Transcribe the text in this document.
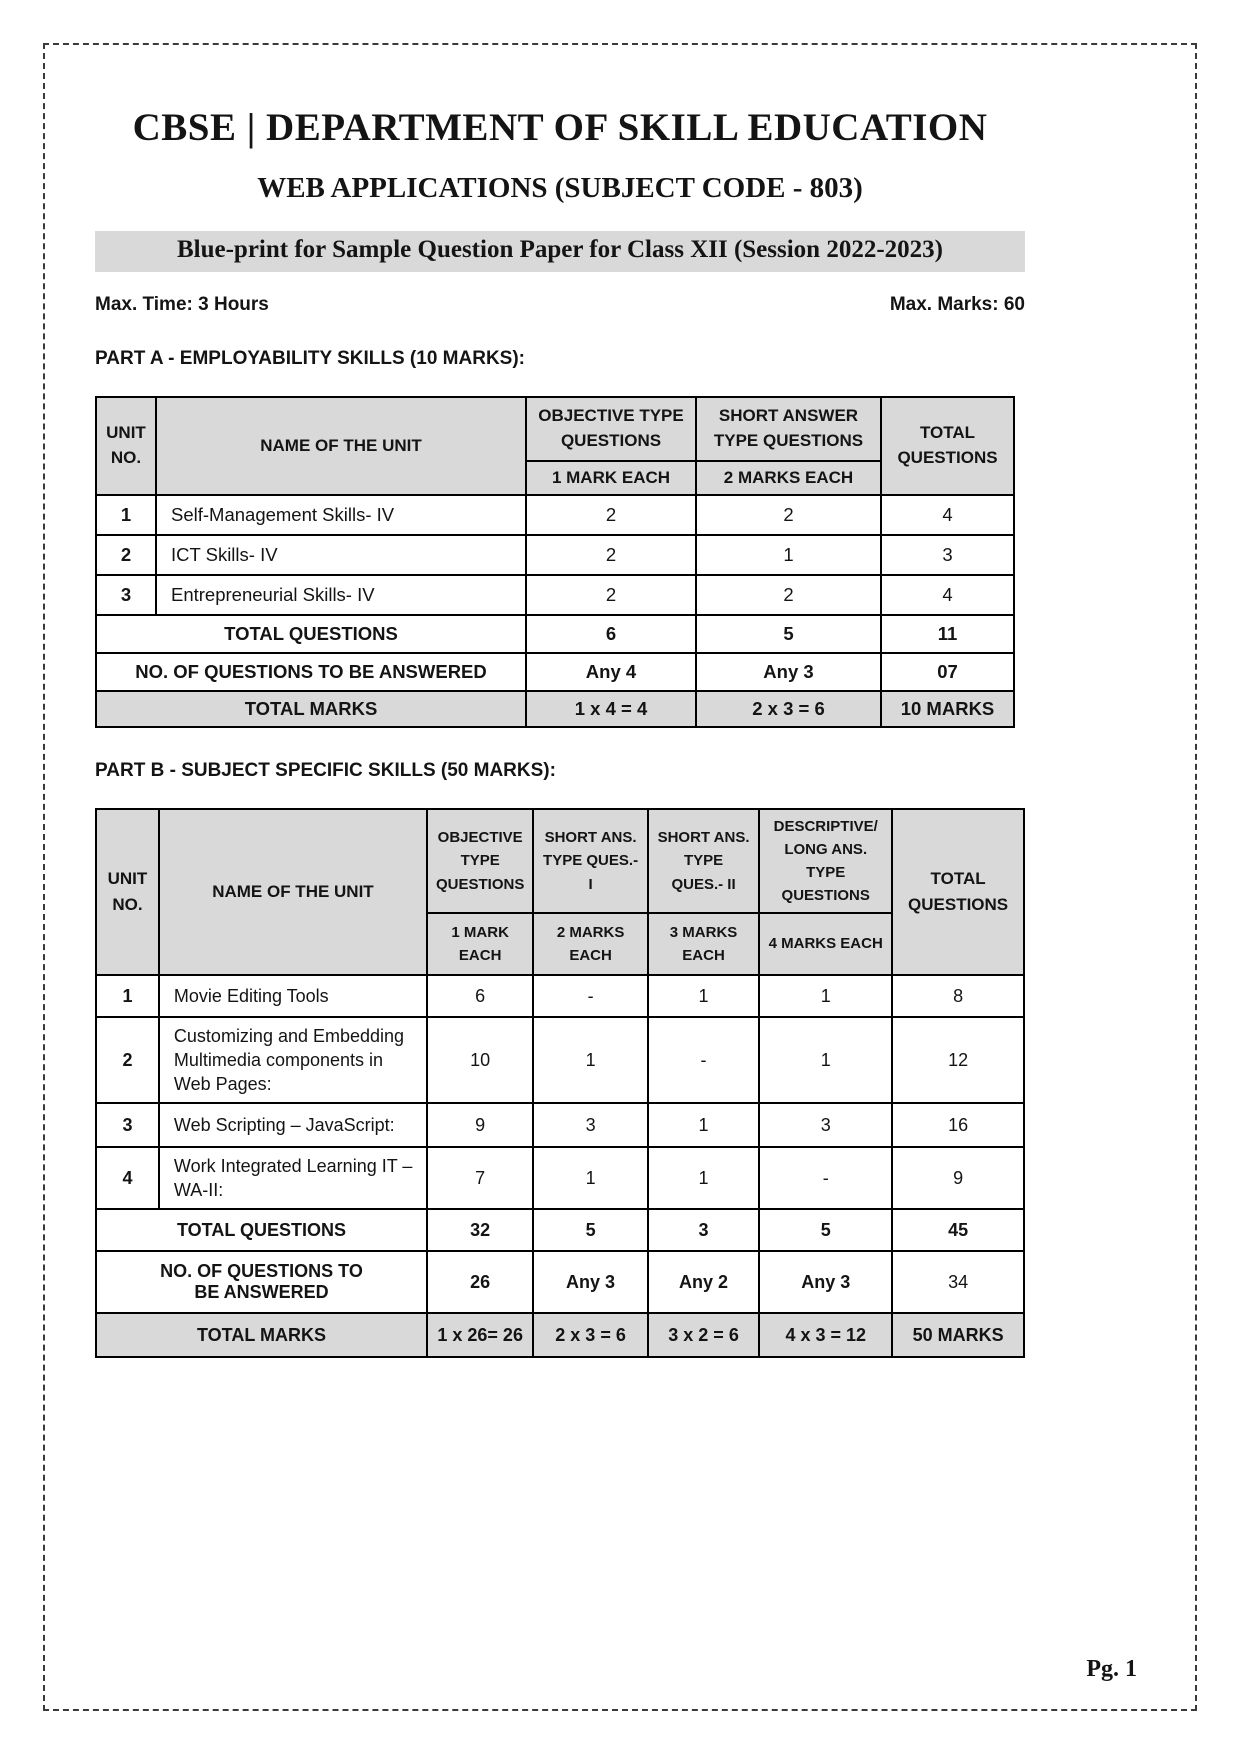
CBSE | DEPARTMENT OF SKILL EDUCATION
WEB APPLICATIONS (SUBJECT CODE - 803)
Blue-print for Sample Question Paper for Class XII (Session 2022-2023)
Max. Time: 3 Hours	Max. Marks: 60
PART A - EMPLOYABILITY SKILLS (10 MARKS):
UNIT NO.	NAME OF THE UNIT	OBJECTIVE TYPE QUESTIONS	SHORT ANSWER TYPE QUESTIONS	TOTAL QUESTIONS
		1 MARK EACH	2 MARKS EACH	
1	Self-Management Skills- IV	2	2	4
2	ICT Skills- IV	2	1	3
3	Entrepreneurial Skills- IV	2	2	4
TOTAL QUESTIONS		6	5	11
NO. OF QUESTIONS TO BE ANSWERED		Any 4	Any 3	07
TOTAL MARKS		1 x 4 = 4	2 x 3 = 6	10 MARKS
PART B - SUBJECT SPECIFIC SKILLS (50 MARKS):
UNIT NO.	NAME OF THE UNIT	OBJECTIVE TYPE QUESTIONS	SHORT ANS. TYPE QUES.- I	SHORT ANS. TYPE QUES.- II	DESCRIPTIVE/ LONG ANS. TYPE QUESTIONS	TOTAL QUESTIONS
		1 MARK EACH	2 MARKS EACH	3 MARKS EACH	4 MARKS EACH	
1	Movie Editing Tools	6	-	1	1	8
2	Customizing and Embedding Multimedia components in Web Pages:	10	1	-	1	12
3	Web Scripting – JavaScript:	9	3	1	3	16
4	Work Integrated Learning IT – WA-II:	7	1	1	-	9
TOTAL QUESTIONS		32	5	3	5	45
NO. OF QUESTIONS TO BE ANSWERED		26	Any 3	Any 2	Any 3	34
TOTAL MARKS		1 x 26= 26	2 x 3 = 6	3 x 2 = 6	4 x 3 = 12	50 MARKS
Pg. 1
